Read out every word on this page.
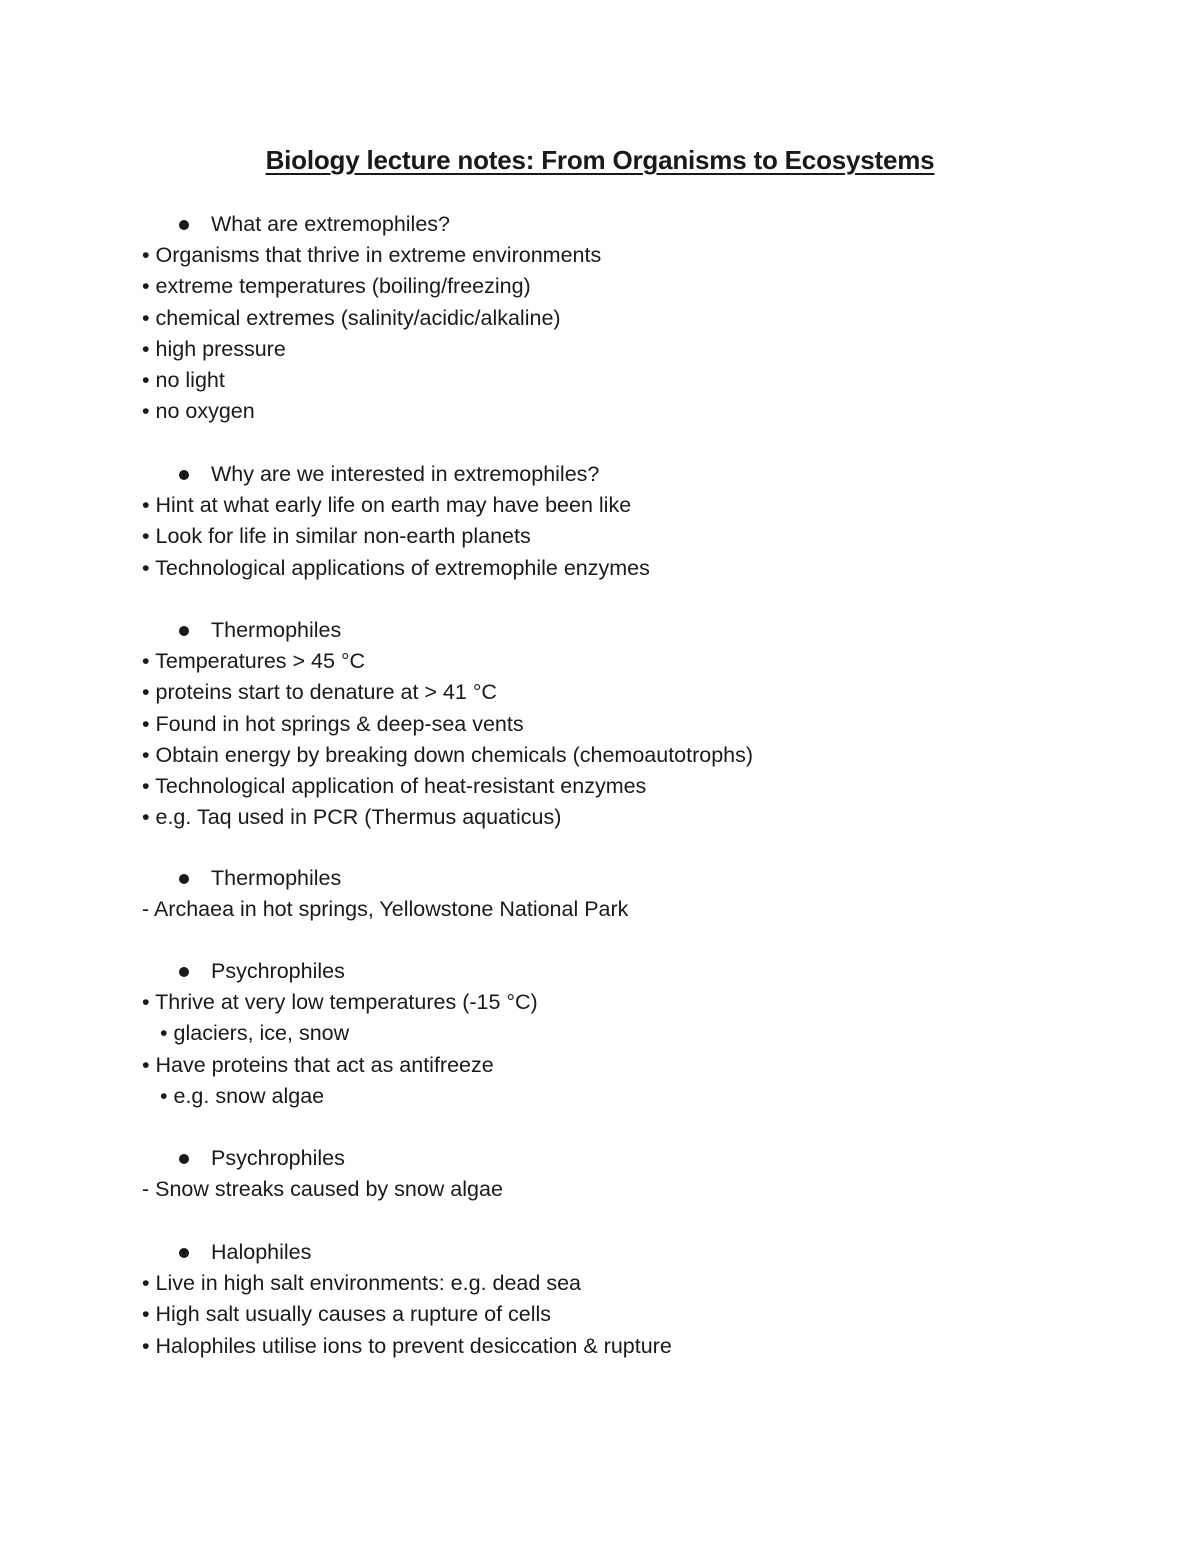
Biology lecture notes: From Organisms to Ecosystems
What are extremophiles?
• Organisms that thrive in extreme environments
• extreme temperatures (boiling/freezing)
• chemical extremes (salinity/acidic/alkaline)
• high pressure
• no light
• no oxygen
Why are we interested in extremophiles?
• Hint at what early life on earth may have been like
• Look for life in similar non-earth planets
• Technological applications of extremophile enzymes
Thermophiles
• Temperatures > 45 °C
• proteins start to denature at > 41 °C
• Found in hot springs & deep-sea vents
• Obtain energy by breaking down chemicals (chemoautotrophs)
• Technological application of heat-resistant enzymes
• e.g. Taq used in PCR (Thermus aquaticus)
Thermophiles
- Archaea in hot springs, Yellowstone National Park
Psychrophiles
• Thrive at very low temperatures (-15 °C)
• glaciers, ice, snow
• Have proteins that act as antifreeze
• e.g. snow algae
Psychrophiles
- Snow streaks caused by snow algae
Halophiles
• Live in high salt environments: e.g. dead sea
• High salt usually causes a rupture of cells
• Halophiles utilise ions to prevent desiccation & rupture
